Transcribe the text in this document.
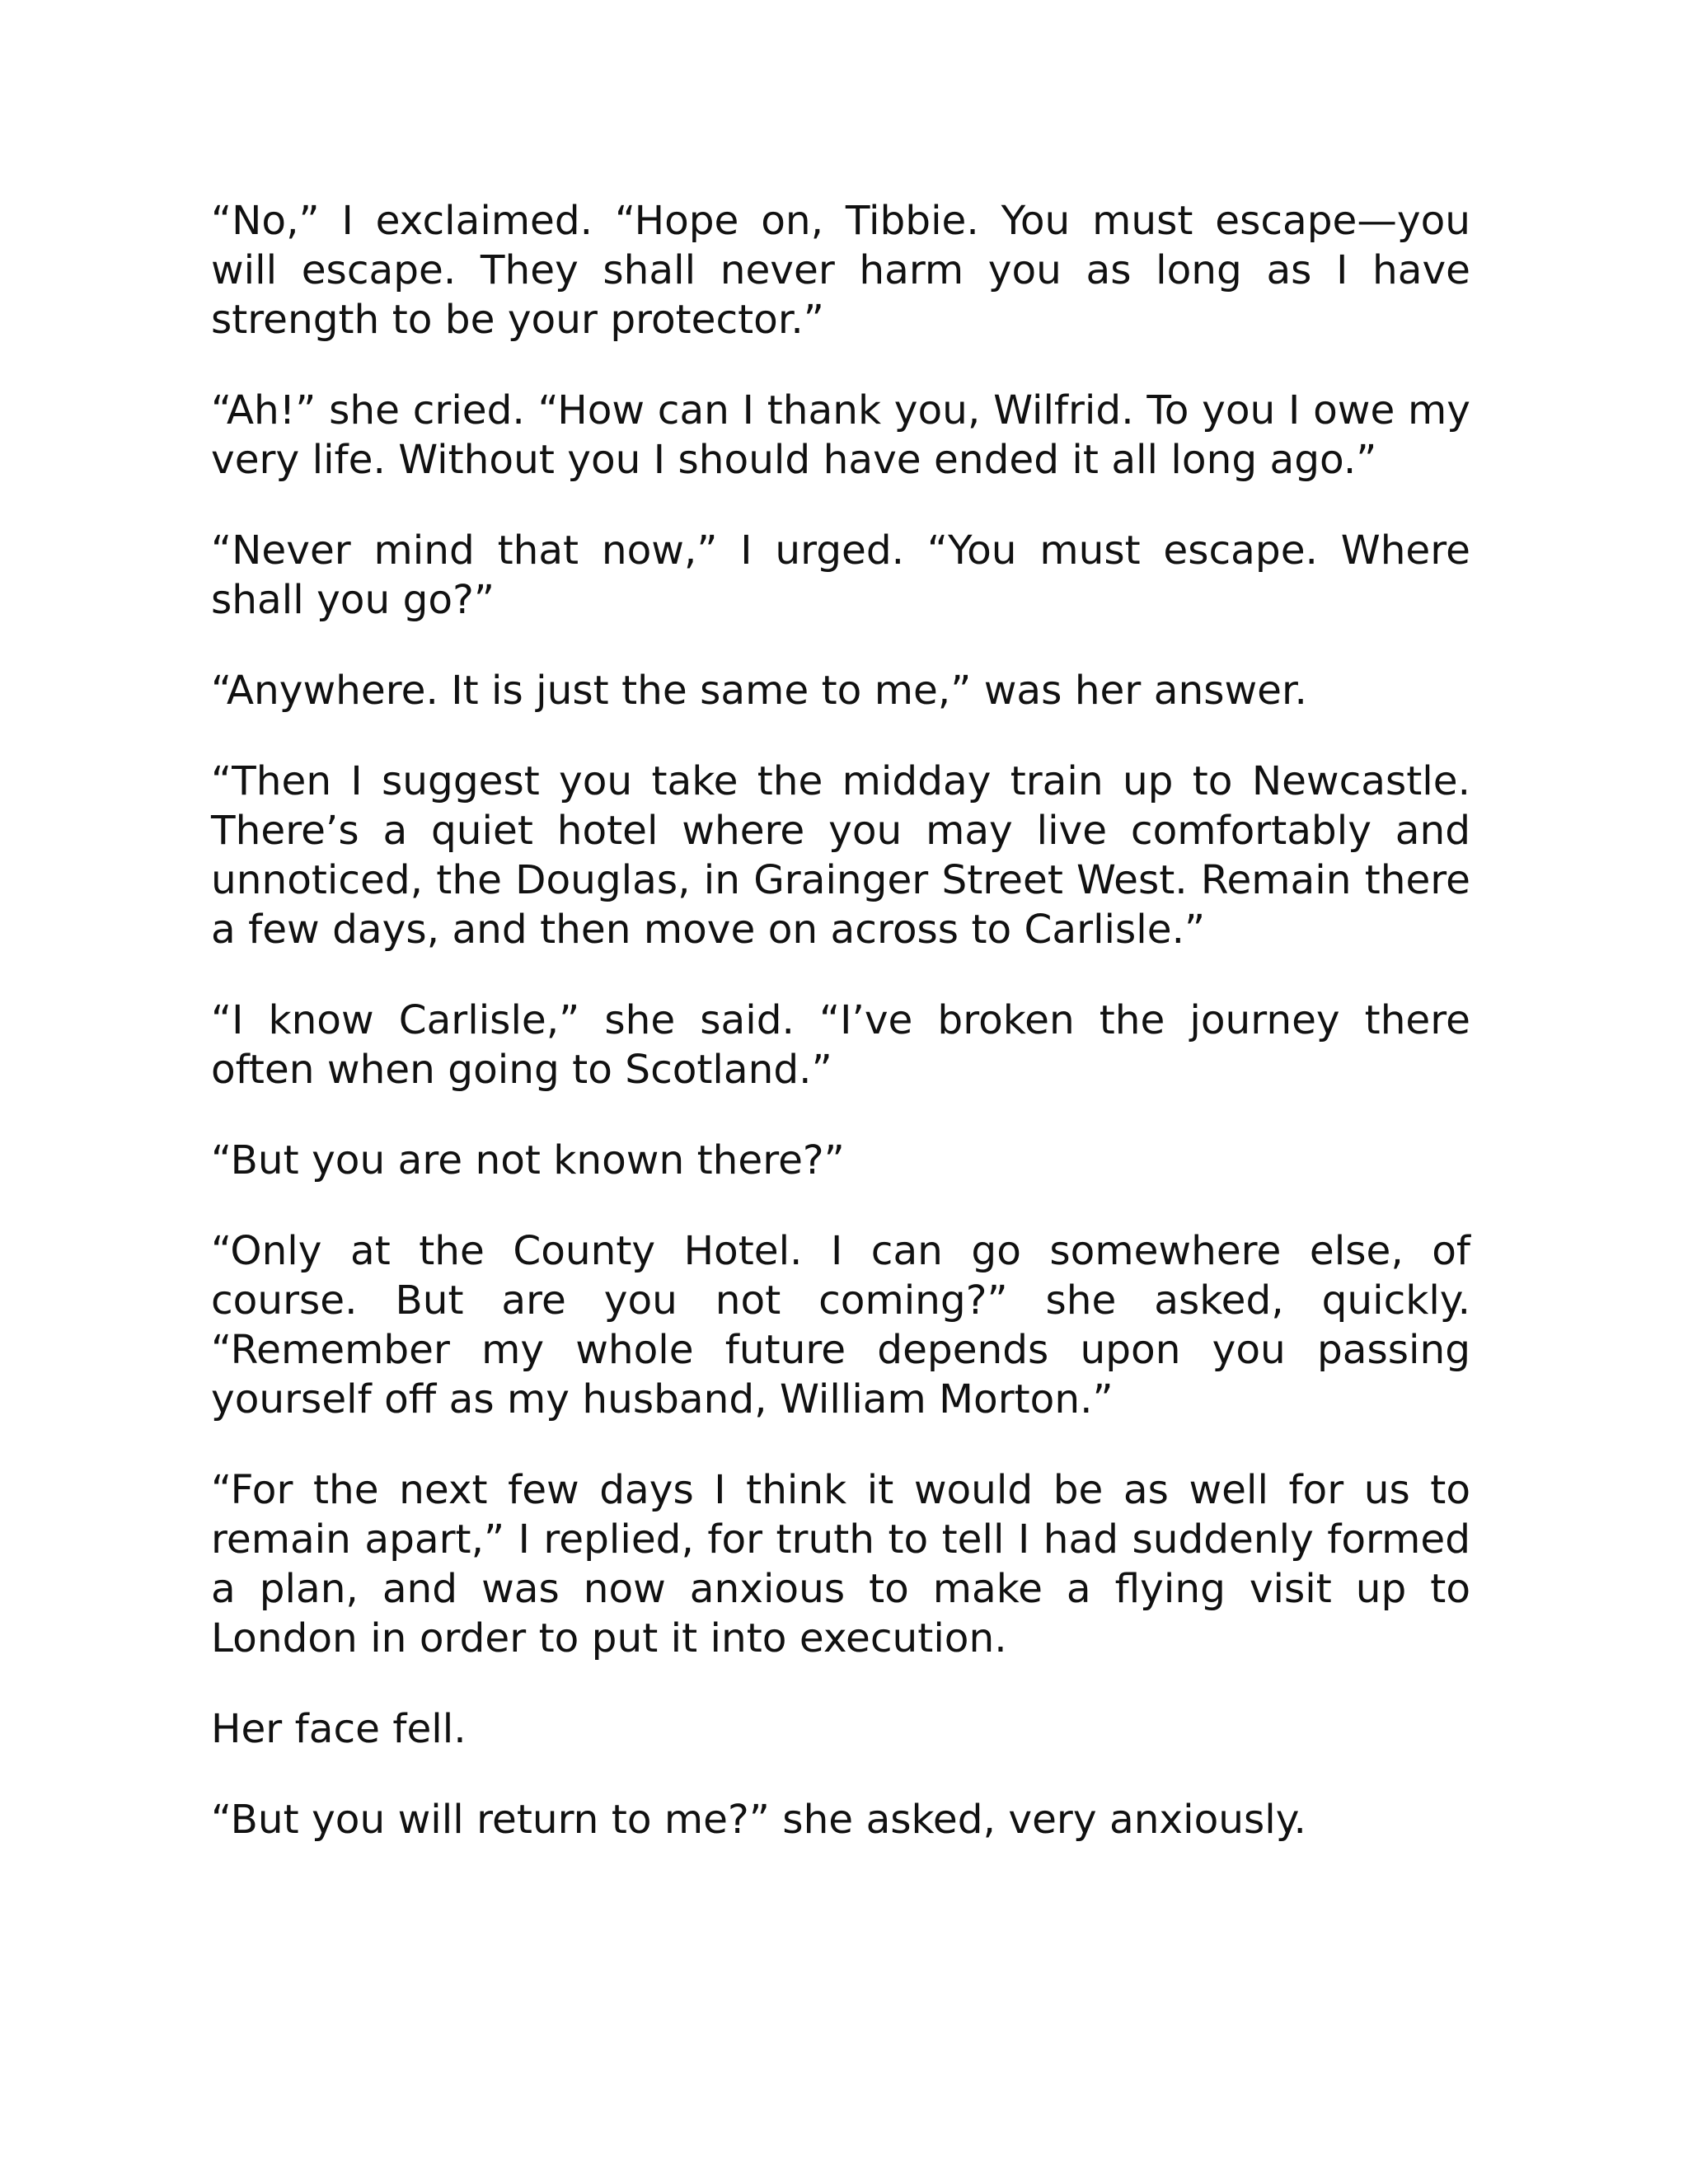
“No,” I exclaimed. “Hope on, Tibbie. You must escape—you will escape. They shall never harm you as long as I have strength to be your protector.”

“Ah!” she cried. “How can I thank you, Wilfrid. To you I owe my very life. Without you I should have ended it all long ago.”

“Never mind that now,” I urged. “You must escape. Where shall you go?”

“Anywhere. It is just the same to me,” was her answer.

“Then I suggest you take the midday train up to Newcastle. There’s a quiet hotel where you may live comfortably and unnoticed, the Douglas, in Grainger Street West. Remain there a few days, and then move on across to Carlisle.”

“I know Carlisle,” she said. “I’ve broken the journey there often when going to Scotland.”

“But you are not known there?”

“Only at the County Hotel. I can go somewhere else, of course. But are you not coming?” she asked, quickly. “Remember my whole future depends upon you passing yourself off as my husband, William Morton.”

“For the next few days I think it would be as well for us to remain apart,” I replied, for truth to tell I had suddenly formed a plan, and was now anxious to make a flying visit up to London in order to put it into execution.

Her face fell.

“But you will return to me?” she asked, very anxiously.
